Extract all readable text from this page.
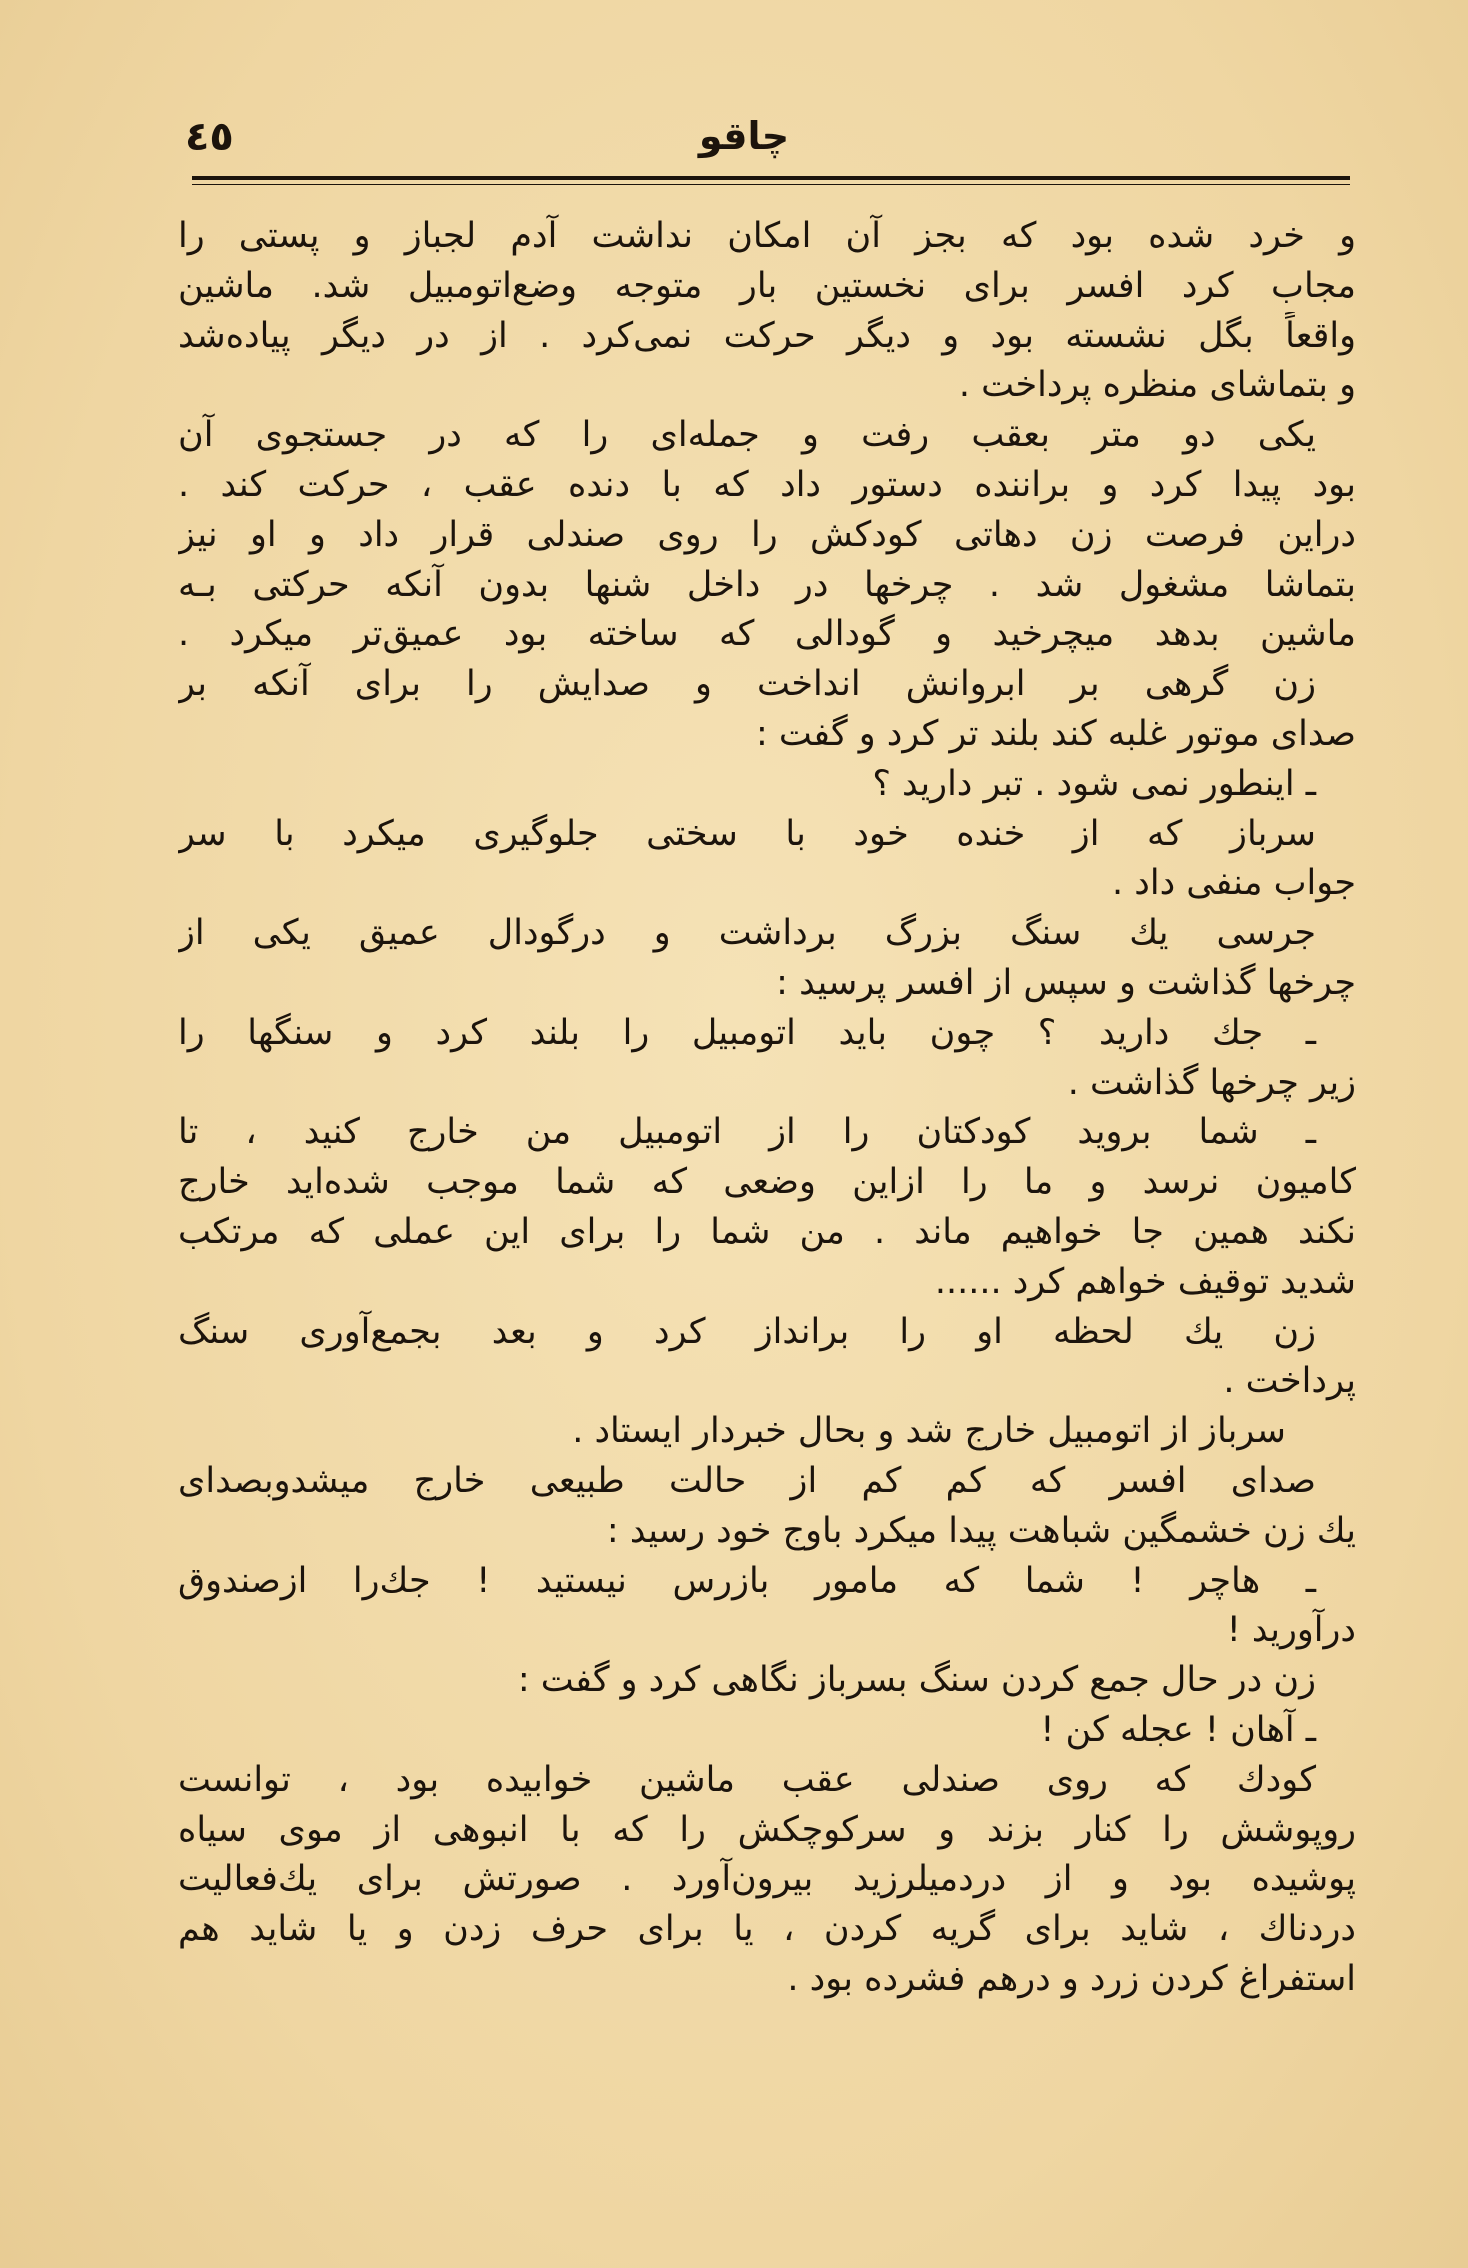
٤٥	چاقو
و خرد شده بود که بجز آن امکان نداشت آدم لجباز و پستی را
مجاب کرد افسر برای نخستین بار متوجه وضع‌اتومبیل شد. ماشین
واقعاً بگل نشسته بود و دیگر حرکت نمی‌کرد . از در دیگر پیاده‌شد
و بتماشای منظره پرداخت .
یکی دو متر بعقب رفت و جمله‌ای را که در جستجوی آن
بود پیدا کرد و براننده دستور داد که با دنده عقب ، حرکت کند .
دراین فرصت زن دهاتی کودکش را روی صندلی قرار داد و او نیز
بتماشا مشغول شد . چرخها در داخل شنها بدون آنکه حرکتی بـه
ماشین بدهد میچرخید و گودالی که ساخته بود عمیق‌تر میکرد .
زن گرهی بر ابروانش انداخت و صدایش را برای آنکه بر
صدای موتور غلبه کند بلند تر کرد و گفت :
ـ اینطور نمی شود . تبر دارید ؟
سرباز که از خنده خود با سختی جلوگیری میکرد با سر
جواب منفی داد .
جرسی یك سنگ بزرگ برداشت و درگودال عمیق یکی از
چرخها گذاشت و سپس از افسر پرسید :
ـ جك دارید ؟ چون باید اتومبیل را بلند کرد و سنگها را
زیر چرخها گذاشت .
ـ شما بروید کودکتان را از اتومبیل من خارج کنید ، تا
کامیون نرسد و ما را ازاین وضعی که شما موجب شده‌اید خارج
نکند همین جا خواهیم ماند . من شما را برای این عملی که مرتکب
شدید توقیف خواهم کرد ......
زن یك لحظه او را برانداز کرد و بعد بجمع‌آوری سنگ
پرداخت .
سرباز از اتومبیل خارج شد و بحال خبردار ایستاد .
صدای افسر که کم کم از حالت طبیعی خارج میشدوبصدای
یك زن خشمگین شباهت پیدا میکرد باوج خود رسید :
ـ هاچر ! شما که مامور بازرس نیستید ! جك‌را ازصندوق
درآورید !
زن در حال جمع کردن سنگ بسرباز نگاهی کرد و گفت :
ـ آهان ! عجله کن !
کودك که روی صندلی عقب ماشین خوابیده بود ، توانست
روپوشش را کنار بزند و سرکوچکش را که با انبوهی از موی سیاه
پوشیده بود و از دردمیلرزید بیرون‌آورد . صورتش برای یك‌فعالیت
دردناك ، شاید برای گریه کردن ، یا برای حرف زدن و یا شاید هم
استفراغ کردن زرد و درهم فشرده بود .
